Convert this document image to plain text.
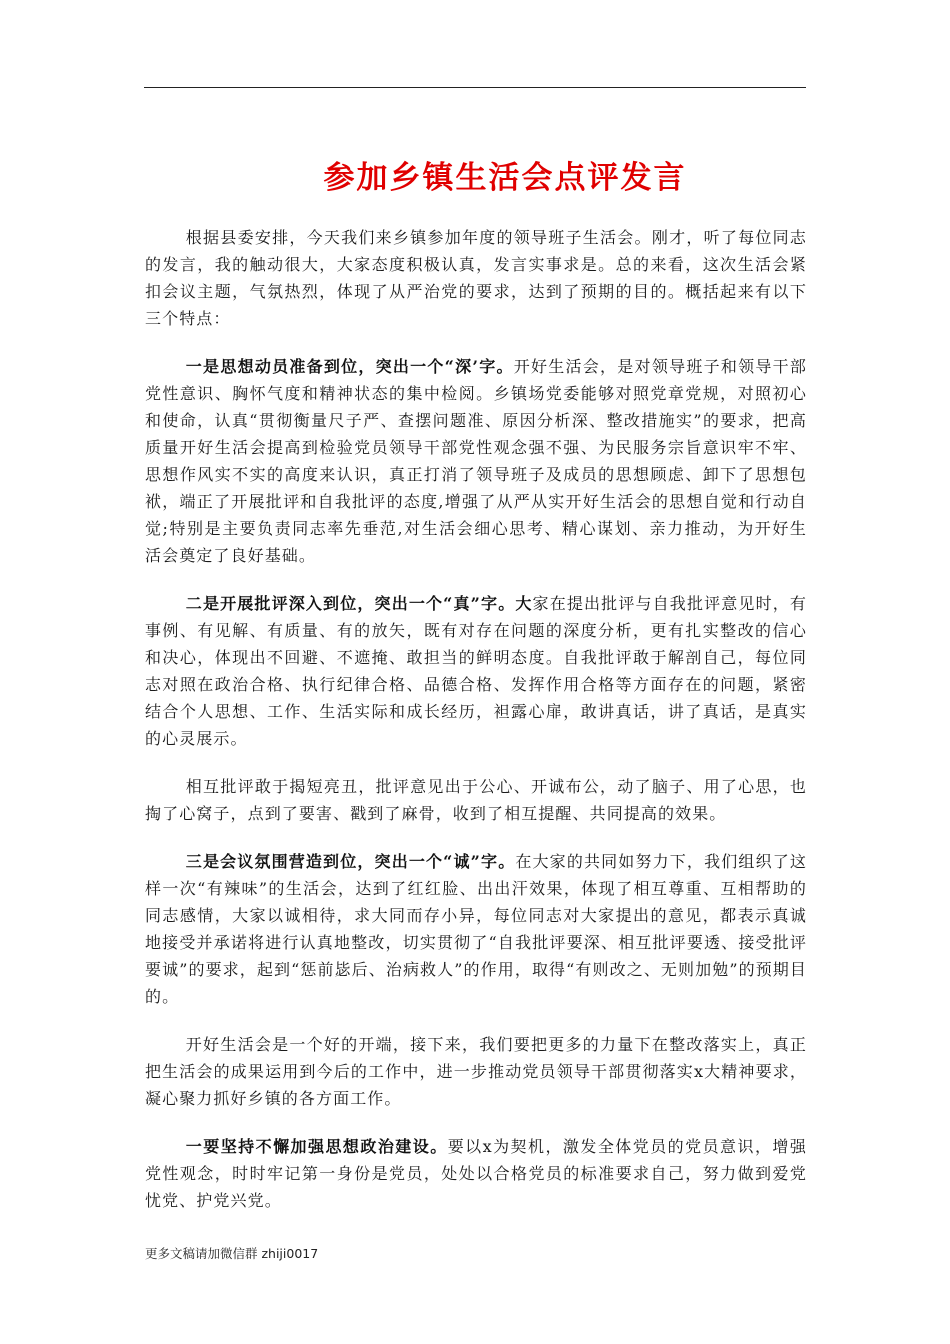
参加乡镇生活会点评发言

根据县委安排，今天我们来乡镇参加年度的领导班子生活会。刚才，听了每位同志的发言，我的触动很大，大家态度积极认真，发言实事求是。总的来看，这次生活会紧扣会议主题，气氛热烈，体现了从严治党的要求，达到了预期的目的。概括起来有以下三个特点：

一是思想动员准备到位，突出一个“深’字。开好生活会，是对领导班子和领导干部党性意识、胸怀气度和精神状态的集中检阅。乡镇场党委能够对照党章党规，对照初心和使命，认真“贯彻衡量尺子严、查摆问题准、原因分析深、整改措施实”的要求，把高质量开好生活会提高到检验党员领导干部党性观念强不强、为民服务宗旨意识牢不牢、思想作风实不实的高度来认识，真正打消了领导班子及成员的思想顾虑、卸下了思想包袱，端正了开展批评和自我批评的态度,增强了从严从实开好生活会的思想自觉和行动自觉;特别是主要负责同志率先垂范,对生活会细心思考、精心谋划、亲力推动，为开好生活会奠定了良好基础。

二是开展批评深入到位，突出一个“真”字。大家在提出批评与自我批评意见时，有事例、有见解、有质量、有的放矢，既有对存在问题的深度分析，更有扎实整改的信心和决心，体现出不回避、不遮掩、敢担当的鲜明态度。自我批评敢于解剖自己，每位同志对照在政治合格、执行纪律合格、品德合格、发挥作用合格等方面存在的问题，紧密结合个人思想、工作、生活实际和成长经历，袒露心扉，敢讲真话，讲了真话，是真实的心灵展示。

相互批评敢于揭短亮丑，批评意见出于公心、开诚布公，动了脑子、用了心思，也掏了心窝子，点到了要害、戳到了麻骨，收到了相互提醒、共同提高的效果。

三是会议氛围营造到位，突出一个“诚”字。在大家的共同如努力下，我们组织了这样一次“有辣味”的生活会，达到了红红脸、出出汗效果，体现了相互尊重、互相帮助的同志感情，大家以诚相待，求大同而存小异，每位同志对大家提出的意见，都表示真诚地接受并承诺将进行认真地整改，切实贯彻了“自我批评要深、相互批评要透、接受批评要诚”的要求，起到“惩前毖后、治病救人”的作用，取得“有则改之、无则加勉”的预期目的。

开好生活会是一个好的开端，接下来，我们要把更多的力量下在整改落实上，真正把生活会的成果运用到今后的工作中，进一步推动党员领导干部贯彻落实x大精神要求，凝心聚力抓好乡镇的各方面工作。

一要坚持不懈加强思想政治建设。要以x为契机，激发全体党员的党员意识，增强党性观念，时时牢记第一身份是党员，处处以合格党员的标准要求自己，努力做到爱党忧党、护党兴党。

更多文稿请加微信群 zhiji0017
